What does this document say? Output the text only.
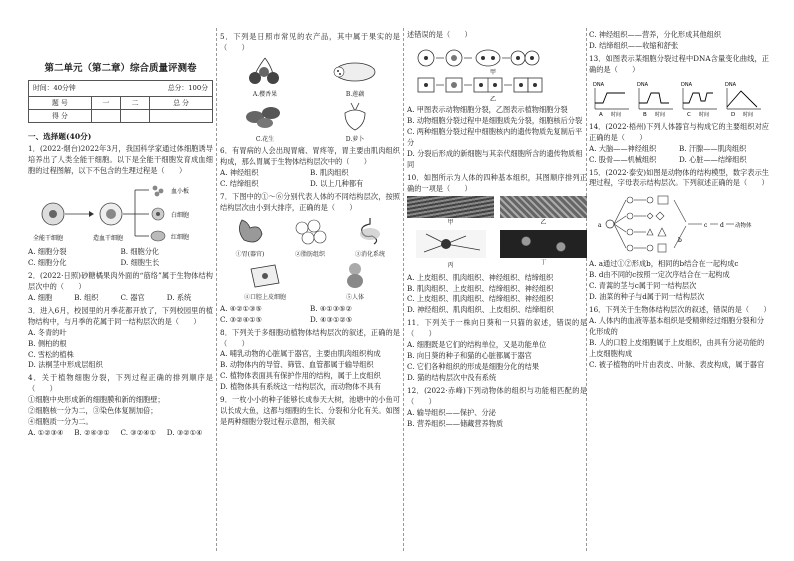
第二单元（第二章）综合质量评测卷
时间：40分钟	总分：100分
题 号	一	二	总 分
得 分			
一、选择题(40分)
1．(2022·烟台)2022年3月，我国科学家通过体细胞诱导培养出了人类全能干细胞。以下是全能干细胞发育成血细胞的过程图解，以下不包含的生理过程是（　　）
血小板
白细胞
红细胞
全能干细胞	造血干细胞
A. 细胞分裂	B. 细胞分化
C. 细胞分化	D. 细胞生长
2．(2022·日照)砂糖橘果肉外面的“筋络”属于生物体结构层次中的（　　）
A. 细胞	B. 组织	C. 器官	D. 系统
3．进入6月，校园里的月季花都开放了，下列校园里的植物结构中，与月季的花属于同一结构层次的是（　　）
A. 冬青的叶
B. 侧柏的根
C. 雪松的植株
D. 法桐茎中形成层组织
4．关于植物细胞分裂，下列过程正确的排列顺序是（　　）
①细胞中央形成新的细胞膜和新的细胞壁；
②细胞核一分为二，③染色体复制加倍；
④细胞质一分为二。
A. ①②③④	B. ②④③①	C. ③②④①	D. ③②①④
5．下列是日照市常见的农产品，其中属于果实的是（　　）
A.樱香果	B.莲藕
C.花生	D.萝卜
6．有胃病的人会出现胃痛、胃疼等，胃主要由肌肉组织构成，那么胃属于生物体结构层次中的（　　）
A. 神经组织	B. 肌肉组织
C. 结缔组织	D. 以上几种都有
7．下图中的①～⑥分别代表人体的不同结构层次，按照结构层次由小到大排序，正确的是（　　）
①胃(器官)	②脂肪组织	③消化系统
④口腔上皮细胞	⑤人体
A. ④②①③⑤	B. ④①③⑤②
C. ③②④①⑤	D. ④③①②⑤
8．下列关于多细胞动植物体结构层次的叙述，正确的是（　　）
A. 哺乳动物的心脏属于器官，主要由肌肉组织构成
B. 动物体内的导管、筛管、血管都属于输导组织
C. 植物体表面具有保护作用的结构，属于上皮组织
D. 植物体具有系统这一结构层次，而动物体不具有
9．一枚小小的种子能够长成参天大树，池塘中的小鱼可以长成大鱼，这都与细胞的生长、分裂和分化有关。如图是两种细胞分裂过程示意图，相关叙
述错误的是（　　）
甲
乙
A. 甲图表示动物细胞分裂，乙图表示植物细胞分裂
B. 动物细胞分裂过程中是细胞质先分裂，细胞核后分裂
C. 两种细胞分裂过程中细胞核内的遗传物质先复制后平分
D. 分裂后形成的新细胞与其亲代细胞所含的遗传物质相同
10．如图所示为人体的四种基本组织，其图顺序排列正确的一项是（　　）
甲	乙
丙
丁
A. 上皮组织、肌肉组织、神经组织、结缔组织
B. 肌肉组织、上皮组织、结缔组织、神经组织
C. 上皮组织、肌肉组织、结缔组织、神经组织
D. 神经组织、肌肉组织、上皮组织、结缔组织
11．下列关于一株向日葵和一只猫的叙述，错误的是（　　）
A. 细胞既是它们的结构单位，又是功能单位
B. 向日葵的种子和猫的心脏都属于器官
C. 它们各种组织的形成是细胞分化的结果
D. 猫的结构层次中没有系统
12．(2022·赤峰)下列动物体的组织与功能相匹配的是（　　）
A. 输导组织——保护、分泌
B. 营养组织——储藏营养物质
C. 神经组织——营养，分化形成其他组织
D. 结缔组织——收缩和舒张
13．如图表示某细胞分裂过程中DNA含量变化曲线，正确的是（　　）
DNA
时间
A
DNA
时间
B
DNA
时间
C
DNA
时间
D
14．(2022·梧州)下列人体器官与构成它的主要组织对应正确的是（　　）
A. 大脑——神经组织	B. 汗腺——肌肉组织
C. 股骨——机械组织	D. 心脏——结缔组织
15．(2022·泰安)如图是动物体的结构模型，数字表示生理过程，字母表示结构层次。下列叙述正确的是（　　）
a
b
c d 动物体
A. a通过①②形成b，相同的b结合在一起构成c
B. d由不同的c按照一定次序结合在一起构成
C. 青蒿的茎与c属于同一结构层次
D. 油菜的种子与d属于同一结构层次
16．下列关于生物体结构层次的叙述，错误的是（　　）
A. 人体内的血液等基本组织是受精卵经过细胞分裂和分化形成的
B. 人的口腔上皮细胞属于上皮组织，由具有分泌功能的上皮细胞构成
C. 被子植物的叶片由表皮、叶脉、表皮构成，属于器官
